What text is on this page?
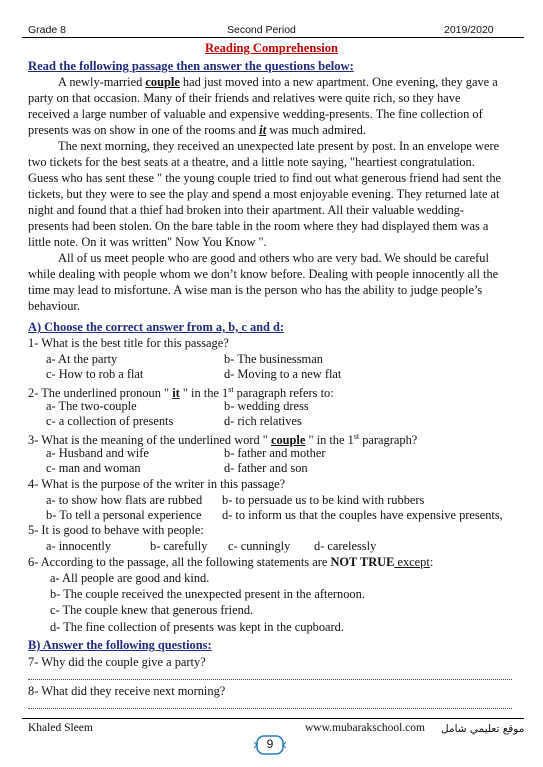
Grade 8	Second Period	2019/2020
Reading Comprehension
Read the following passage then answer the questions below:
A newly-married couple had just moved into a new apartment. One evening, they gave a
party on that occasion. Many of their friends and relatives were quite rich, so they have
received a large number of valuable and expensive wedding-presents. The fine collection of
presents was on show in one of the rooms and it was much admired.
The next morning, they received an unexpected late present by post. In an envelope were
two tickets for the best seats at a theatre, and a little note saying, "heartiest congratulation.
Guess who has sent these " the young couple tried to find out what generous friend had sent the
tickets, but they were to see the play and spend a most enjoyable evening. They returned late at
night and found that a thief had broken into their apartment. All their valuable wedding-
presents had been stolen. On the bare table in the room where they had displayed them was a
little note. On it was written" Now You Know ".
All of us meet people who are good and others who are very bad. We should be careful
while dealing with people whom we don’t know before. Dealing with people innocently all the
time may lead to misfortune. A wise man is the person who has the ability to judge people’s
behaviour.
A) Choose the correct answer from a, b, c and d:
1- What is the best title for this passage?
a- At the party	b- The businessman
c- How to rob a flat	d- Moving to a new flat
2- The underlined pronoun " it " in the 1st paragraph refers to:
a- The two-couple	b- wedding dress
c- a collection of presents	d- rich relatives
3- What is the meaning of the underlined word " couple " in the 1st paragraph?
a- Husband and wife	b- father and mother
c- man and woman	d- father and son
4- What is the purpose of the writer in this passage?
a- to show how flats are rubbed b- to persuade us to be kind with rubbers
b- To tell a personal experience d- to inform us that the couples have expensive presents,
5- It is good to behave with people:
a- innocently	b- carefully c- cunningly d- carelessly
6- According to the passage, all the following statements are NOT TRUE except:
a- All people are good and kind.
b- The couple received the unexpected present in the afternoon.
c- The couple knew that generous friend.
d- The fine collection of presents was kept in the cupboard.
B) Answer the following questions:
7- Why did the couple give a party?
8- What did they receive next morning?
Khaled Sleem	www.mubarakschool.com موقع تعليمي شامل
9
